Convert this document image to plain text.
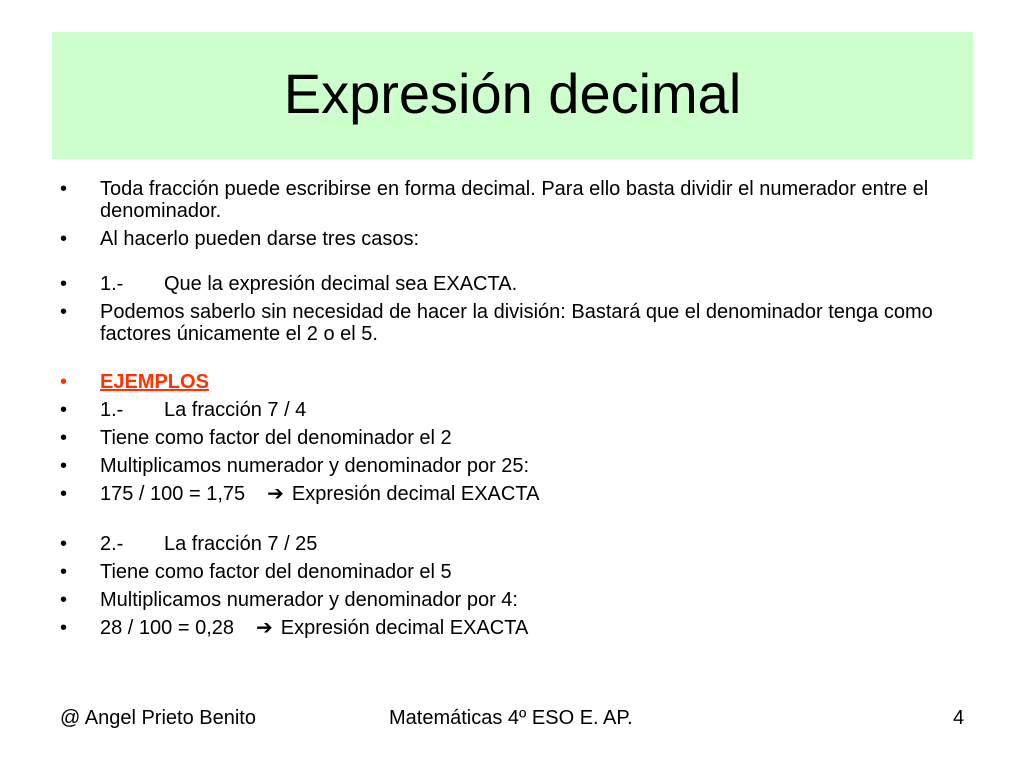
Expresión decimal
•	Toda fracción puede escribirse en forma decimal. Para ello basta dividir el numerador entre el denominador.
•	Al hacerlo pueden darse tres casos:
•	1.- Que la expresión decimal sea EXACTA.
•	Podemos saberlo sin necesidad de hacer la división: Bastará que el denominador tenga como factores únicamente el 2 o el 5.
•	EJEMPLOS
•	1.- La fracción 7 / 4
•	Tiene como factor del denominador el 2
•	Multiplicamos numerador y denominador por 25:
•	175 / 100 = 1,75 ➔ Expresión decimal EXACTA
•	2.- La fracción 7 / 25
•	Tiene como factor del denominador el 5
•	Multiplicamos numerador y denominador por 4:
•	28 / 100 = 0,28 ➔ Expresión decimal EXACTA
@ Angel Prieto Benito	Matemáticas 4º ESO E. AP.	4
